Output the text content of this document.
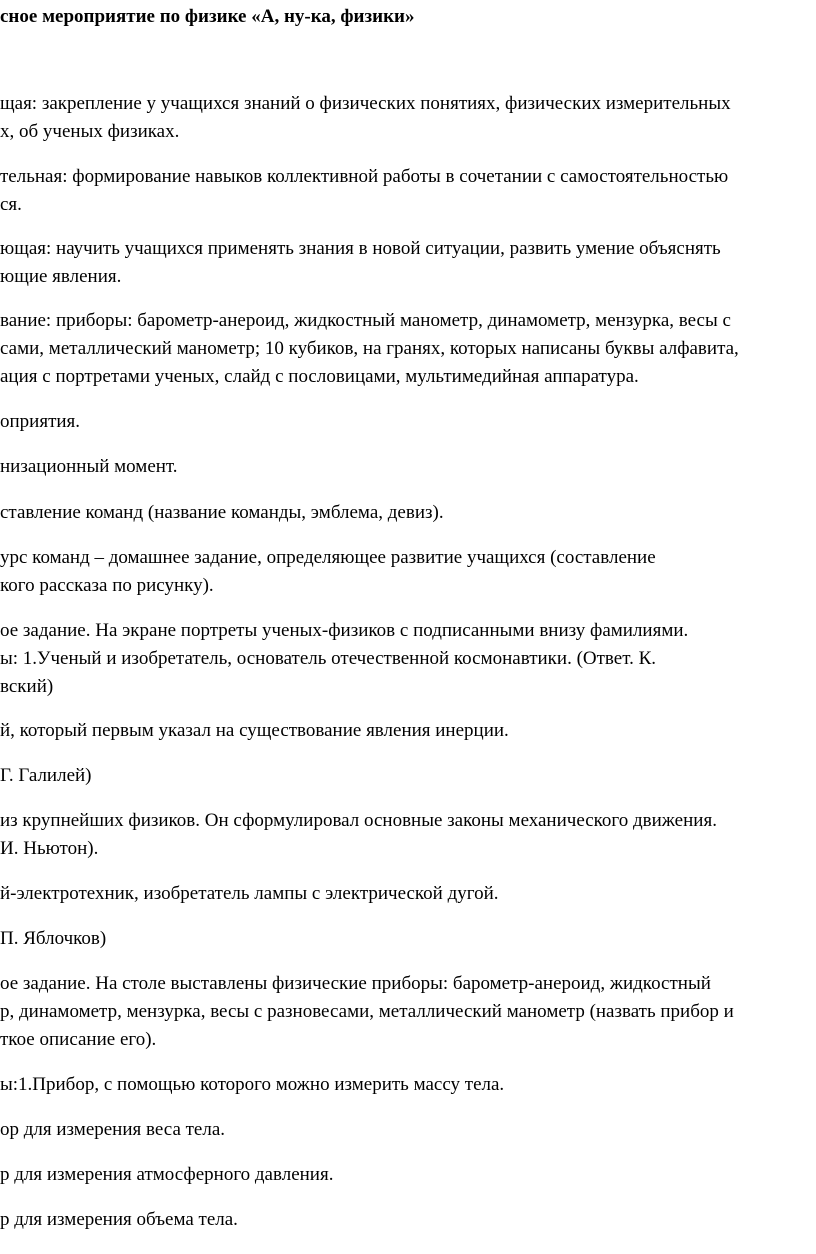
сное мероприятие по физике «А, ну-ка, физики»
щая: закрепление у учащихся знаний о физических понятиях, физических измерительных
х, об ученых физиках.
тельная: формирование навыков коллективной работы в сочетании с самостоятельностью
ся.
ющая: научить учащихся применять знания в новой ситуации, развить умение объяснять
ющие явления.
вание: приборы: барометр-анероид, жидкостный манометр, динамометр, мензурка, весы с
сами, металлический манометр; 10 кубиков, на гранях, которых написаны буквы алфавита,
ация с портретами ученых, слайд с пословицами, мультимедийная аппаратура.
оприятия.
низационный момент.
ставление команд (название команды, эмблема, девиз).
урс команд – домашнее задание, определяющее развитие учащихся (составление
кого рассказа по рисунку).
ое задание. На экране портреты ученых-физиков с подписанными внизу фамилиями.
ы: 1.Ученый и изобретатель, основатель отечественной космонавтики. (Ответ. К.
вский)
й, который первым указал на существование явления инерции.
Г. Галилей)
из крупнейших физиков. Он сформулировал основные законы механического движения.
И. Ньютон).
й-электротехник, изобретатель лампы с электрической дугой.
П. Яблочков)
ое задание. На столе выставлены физические приборы: барометр-анероид, жидкостный
р, динамометр, мензурка, весы с разновесами, металлический манометр (назвать прибор и
ткое описание его).
ы:1.Прибор, с помощью которого можно измерить массу тела.
ор для измерения веса тела.
р для измерения атмосферного давления.
р для измерения объема тела.
